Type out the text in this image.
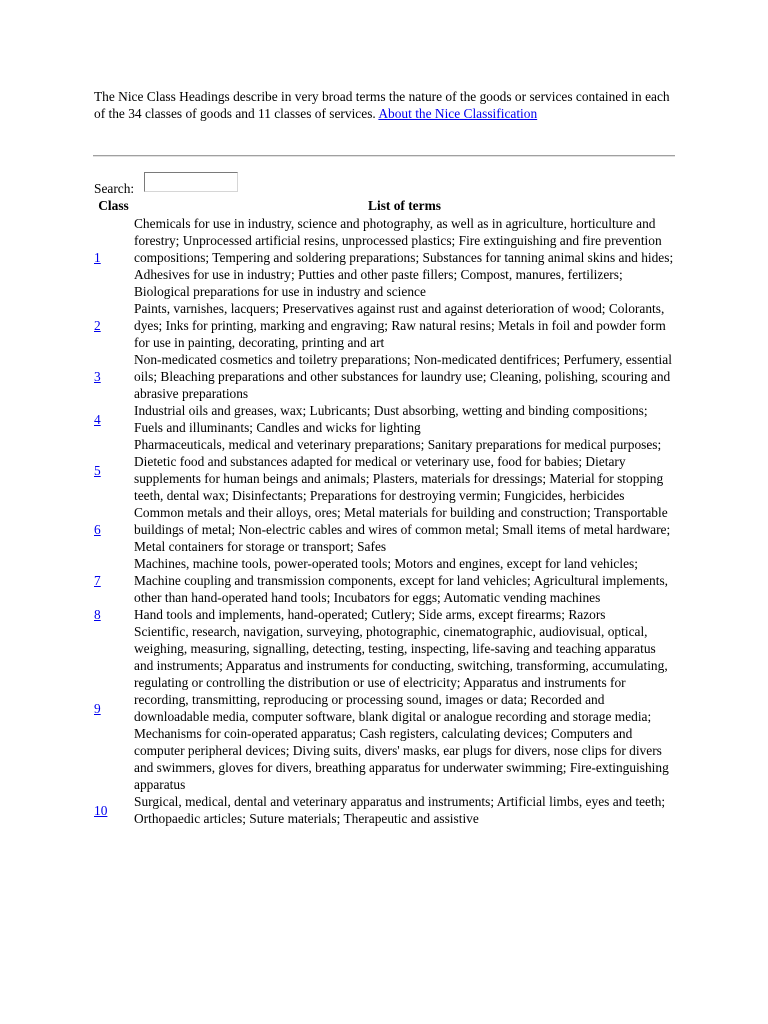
The Nice Class Headings describe in very broad terms the nature of the goods or services contained in each of the 34 classes of goods and 11 classes of services. About the Nice Classification
Search:
Class	List of terms
1	Chemicals for use in industry, science and photography, as well as in agriculture, horticulture and forestry; Unprocessed artificial resins, unprocessed plastics; Fire extinguishing and fire prevention compositions; Tempering and soldering preparations; Substances for tanning animal skins and hides; Adhesives for use in industry; Putties and other paste fillers; Compost, manures, fertilizers; Biological preparations for use in industry and science
2	Paints, varnishes, lacquers; Preservatives against rust and against deterioration of wood; Colorants, dyes; Inks for printing, marking and engraving; Raw natural resins; Metals in foil and powder form for use in painting, decorating, printing and art
3	Non-medicated cosmetics and toiletry preparations; Non-medicated dentifrices; Perfumery, essential oils; Bleaching preparations and other substances for laundry use; Cleaning, polishing, scouring and abrasive preparations
4	Industrial oils and greases, wax; Lubricants; Dust absorbing, wetting and binding compositions; Fuels and illuminants; Candles and wicks for lighting
5	Pharmaceuticals, medical and veterinary preparations; Sanitary preparations for medical purposes; Dietetic food and substances adapted for medical or veterinary use, food for babies; Dietary supplements for human beings and animals; Plasters, materials for dressings; Material for stopping teeth, dental wax; Disinfectants; Preparations for destroying vermin; Fungicides, herbicides
6	Common metals and their alloys, ores; Metal materials for building and construction; Transportable buildings of metal; Non-electric cables and wires of common metal; Small items of metal hardware; Metal containers for storage or transport; Safes
7	Machines, machine tools, power-operated tools; Motors and engines, except for land vehicles; Machine coupling and transmission components, except for land vehicles; Agricultural implements, other than hand-operated hand tools; Incubators for eggs; Automatic vending machines
8	Hand tools and implements, hand-operated; Cutlery; Side arms, except firearms; Razors
9	Scientific, research, navigation, surveying, photographic, cinematographic, audiovisual, optical, weighing, measuring, signalling, detecting, testing, inspecting, life-saving and teaching apparatus and instruments; Apparatus and instruments for conducting, switching, transforming, accumulating, regulating or controlling the distribution or use of electricity; Apparatus and instruments for recording, transmitting, reproducing or processing sound, images or data; Recorded and downloadable media, computer software, blank digital or analogue recording and storage media; Mechanisms for coin-operated apparatus; Cash registers, calculating devices; Computers and computer peripheral devices; Diving suits, divers' masks, ear plugs for divers, nose clips for divers and swimmers, gloves for divers, breathing apparatus for underwater swimming; Fire-extinguishing apparatus
10	Surgical, medical, dental and veterinary apparatus and instruments; Artificial limbs, eyes and teeth; Orthopaedic articles; Suture materials; Therapeutic and assistive
